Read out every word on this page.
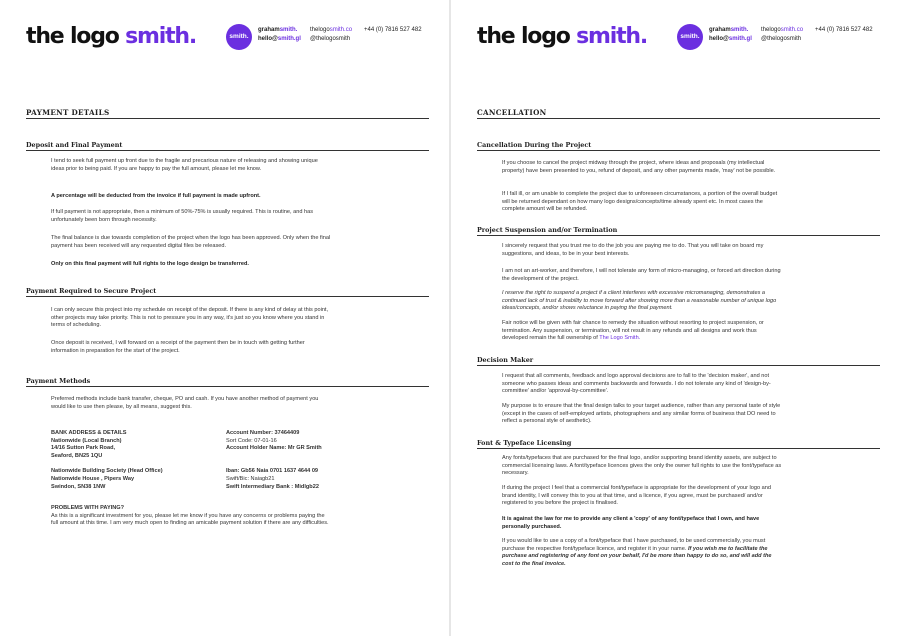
the logo smith.	smith.
grahamsmith.
hello@smith.gl
thelogosmith.co
@thelogosmith
+44 (0) 7816 527 482
PAYMENT DETAILS
Deposit and Final Payment
I tend to seek full payment up front due to the fragile and precarious nature of releasing and showing unique ideas prior to being paid. If you are happy to pay the full amount, please let me know.
A percentage will be deducted from the invoice if full payment is made upfront.
If full payment is not appropriate, then a minimum of 50%-75% is usually required. This is routine, and has unfortunately been born through necessity.
The final balance is due towards completion of the project when the logo has been approved. Only when the final payment has been received will any requested digital files be released.
Only on this final payment will full rights to the logo design be transferred.
Payment Required to Secure Project
I can only secure this project into my schedule on receipt of the deposit. If there is any kind of delay at this point, other projects may take priority. This is not to pressure you in any way, it's just so you know where you stand in terms of scheduling.
Once deposit is received, I will forward on a receipt of the payment then be in touch with getting further information in preparation for the start of the project.
Payment Methods
Preferred methods include bank transfer, cheque, PO and cash. If you have another method of payment you would like to use then please, by all means, suggest this.
BANK ADDRESS & DETAILS
Nationwide (Local Branch)
14/16 Sutton Park Road,
Seaford, BN25 1QU
Nationwide Building Society (Head Office)
Nationwide House , Pipers Way
Swindon, SN38 1NW
Account Number: 37464409
Sort Code: 07-01-16
Account Holder Name: Mr GR Smith
Iban: Gb56 Naia 0701 1637 4644 09
Swift/Bic: Naiagb21
Swift Intermediary Bank : Midlgb22
PROBLEMS WITH PAYING?
As this is a significant investment for you, please let me know if you have any concerns or problems paying the full amount at this time. I am very much open to finding an amicable payment solution if there are any difficulties.
the logo smith.	smith.
grahamsmith.
hello@smith.gl
thelogosmith.co
@thelogosmith
+44 (0) 7816 527 482
CANCELLATION
Cancellation During the Project
If you choose to cancel the project midway through the project, where ideas and proposals (my intellectual property) have been presented to you, refund of deposit, and any other payments made, 'may' not be possible.
If I fall ill, or am unable to complete the project due to unforeseen circumstances, a portion of the overall budget will be returned dependant on how many logo designs/concepts/time already spent etc. In most cases the complete amount will be refunded.
Project Suspension and/or Termination
I sincerely request that you trust me to do the job you are paying me to do. That you will take on board my suggestions, and ideas, to be in your best interests.
I am not an art-worker, and therefore, I will not tolerate any form of micro-managing, or forced art direction during the development of the project.
I reserve the right to suspend a project if a client interferes with excessive micromanaging, demonstrates a continued lack of trust & inability to move forward after showing more than a reasonable number of unique logo ideas/concepts, and/or shows reluctance in paying the final payment.
Fair notice will be given with fair chance to remedy the situation without resorting to project suspension, or termination. Any suspension, or termination, will not result in any refunds and all designs and work thus developed remain the full ownership of The Logo Smith.
Decision Maker
I request that all comments, feedback and logo approval decisions are to fall to the 'decision maker', and not someone who passes ideas and comments backwards and forwards. I do not tolerate any kind of 'design-by-committee' and/or 'approval-by-committee'.
My purpose is to ensure that the final design talks to your target audience, rather than any personal taste of style (except in the cases of self-employed artists, photographers and any similar forms of business that DO need to reflect a personal style of aesthetic).
Font & Typeface Licensing
Any fonts/typefaces that are purchased for the final logo, and/or supporting brand identity assets, are subject to commercial licensing laws. A font/typeface licences gives the only the owner full rights to use the font/typeface as necessary.
If during the project I feel that a commercial font/typeface is appropriate for the development of your logo and brand identity, I will convey this to you at that time, and a licence, if you agree, must be purchased/ and/or registered to you before the project is finalised.
It is against the law for me to provide any client a 'copy' of any font/typeface that I own, and have personally purchased.
If you would like to use a copy of a font/typeface that I have purchased, to be used commercially, you must purchase the respective font/typeface licence, and register it in your name. If you wish me to facilitate the purchase and registering of any font on your behalf, I'd be more than happy to do so, and will add the cost to the final invoice.
